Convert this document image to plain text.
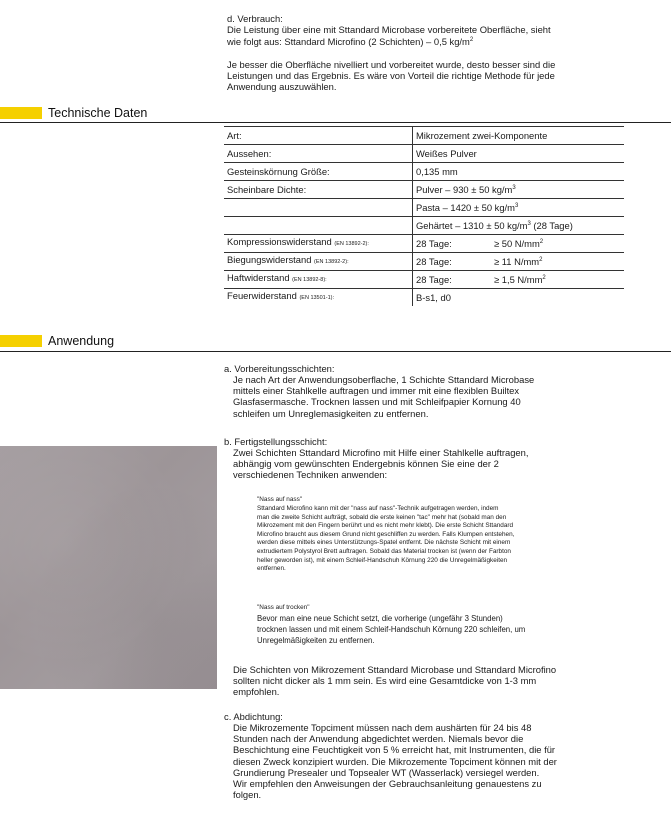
d. Verbrauch:
Die Leistung über eine mit Sttandard Microbase vorbereitete Oberfläche, sieht
wie folgt aus: Sttandard Microfino (2 Schichten) – 0,5 $kg/m^2$
Je besser die Oberfläche nivelliert und vorbereitet wurde, desto besser sind die
Leistungen und das Ergebnis. Es wäre von Vorteil die richtige Methode für jede
Anwendung auszuwählen.
Technische Daten
Art:	Mikrozement zwei-Komponente
Aussehen:	Weißes Pulver
Gesteinskörnung Größe:	0,135 mm
Scheinbare Dichte:	Pulver – 930 ± 50 $kg/m^3$
	Pasta – 1420 ± 50 $kg/m^3$
	Gehärtet – 1310 ± 50 $kg/m^3$ (28 Tage)
Kompressionswiderstand (EN 13892-2):	28 Tage: ≥ 50 $N/mm^2$
Biegungswiderstand (EN 13892-2):	28 Tage: ≥ 11 $N/mm^2$
Haftwiderstand (EN 13892-8):	28 Tage: ≥ 1,5 $N/mm^2$
Feuerwiderstand (EN 13501-1):	B-s1, d0
Anwendung
a. Vorbereitungsschichten:
Je nach Art der Anwendungsoberflache, 1 Schichte Sttandard Microbase
mittels einer Stahlkelle auftragen und immer mit eine flexiblen Builtex
Glasfasermasche. Trocknen lassen und mit Schleifpapier Kornung 40
schleifen um Unreglemasigkeiten zu entfernen.
b. Fertigstellungsschicht:
Zwei Schichten Sttandard Microfino mit Hilfe einer Stahlkelle auftragen,
abhängig vom gewünschten Endergebnis können Sie eine der 2
verschiedenen Techniken anwenden:
"Nass auf nass"
Sttandard Microfino kann mit der "nass auf nass"-Technik aufgetragen werden, indem
man die zweite Schicht aufträgt, sobald die erste keinen "tac" mehr hat (sobald man den
Mikrozement mit den Fingern berührt und es nicht mehr klebt). Die erste Schicht Sttandard
Microfino braucht aus diesem Grund nicht geschliffen zu werden. Falls Klumpen entstehen,
werden diese mittels eines Unterstützungs-Spatel entfernt. Die nächste Schicht mit einem
extrudiertem Polystyrol Brett auftragen. Sobald das Material trocken ist (wenn der Farbton
heller geworden ist), mit einem Schleif-Handschuh Körnung 220 die Unregelmäßigkeiten
entfernen.
"Nass auf trocken"
Bevor man eine neue Schicht setzt, die vorherige (ungefähr 3 Stunden)
trocknen lassen und mit einem Schleif-Handschuh Körnung 220 schleifen, um
Unregelmäßigkeiten zu entfernen.
Die Schichten von Mikrozement Sttandard Microbase und Sttandard Microfino
sollten nicht dicker als 1 mm sein. Es wird eine Gesamtdicke von 1-3 mm
empfohlen.
c. Abdichtung:
Die Mikrozemente Topciment müssen nach dem aushärten für 24 bis 48
Stunden nach der Anwendung abgedichtet werden. Niemals bevor die
Beschichtung eine Feuchtigkeit von 5 % erreicht hat, mit Instrumenten, die für
diesen Zweck konzipiert wurden. Die Mikrozemente Topciment können mit der
Grundierung Presealer und Topsealer WT (Wasserlack) versiegel werden.
Wir empfehlen den Anweisungen der Gebrauchsanleitung genauestens zu
folgen.
